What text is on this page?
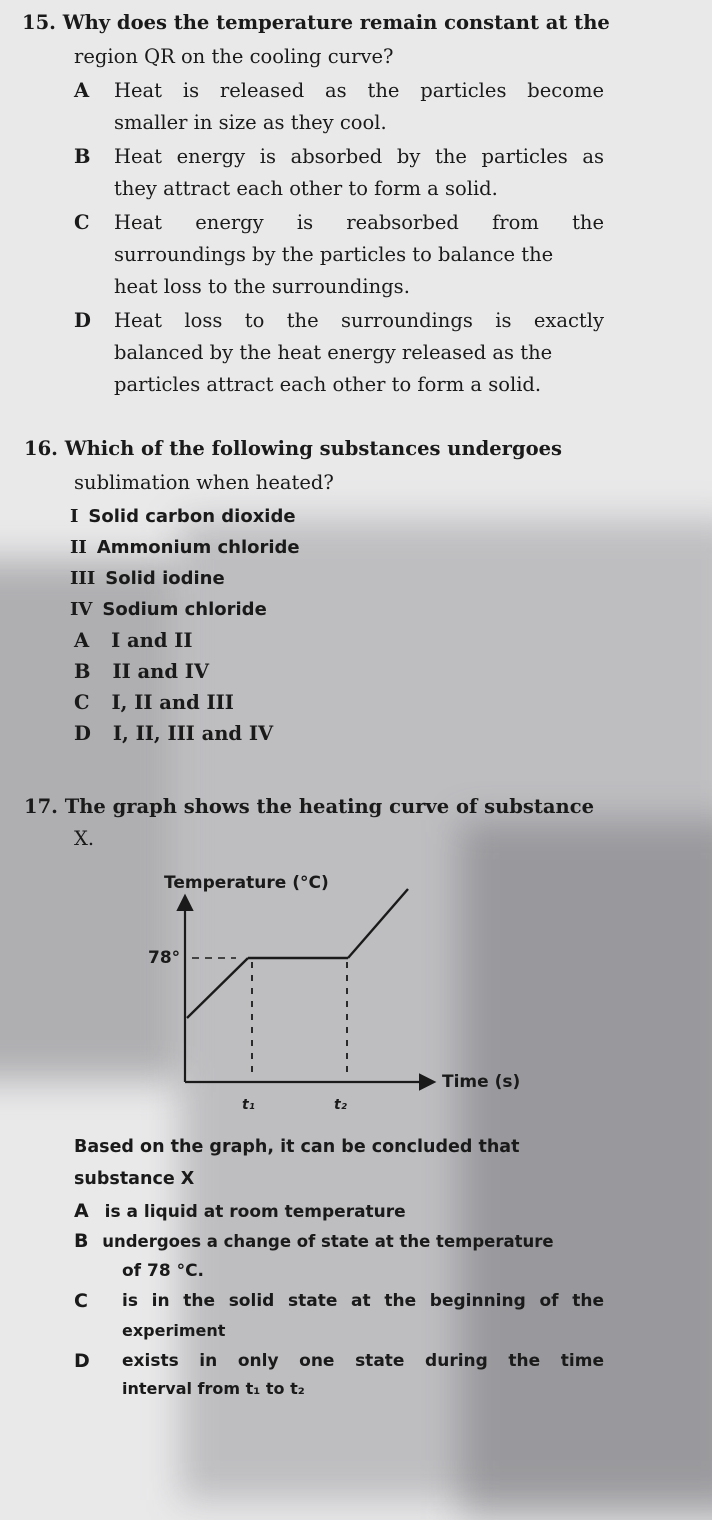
15. Why does the temperature remain constant at the
region QR on the cooling curve?
A Heat is released as the particles become
smaller in size as they cool.
B Heat energy is absorbed by the particles as
they attract each other to form a solid.
C Heat energy is reabsorbed from the
surroundings by the particles to balance the
heat loss to the surroundings.
D Heat loss to the surroundings is exactly
balanced by the heat energy released as the
particles attract each other to form a solid.
16. Which of the following substances undergoes
sublimation when heated?
I Solid carbon dioxide
II Ammonium chloride
III Solid iodine
IV Sodium chloride
A I and II
B II and IV
C I, II and III
D I, II, III and IV
17. The graph shows the heating curve of substance
X.
Temperature (°C)
78°
Time (s)
t₁	t₂
Based on the graph, it can be concluded that
substance X
A is a liquid at room temperature
B undergoes a change of state at the temperature
of 78 °C.
C is in the solid state at the beginning of the
experiment
D exists in only one state during the time
interval from t₁ to t₂
